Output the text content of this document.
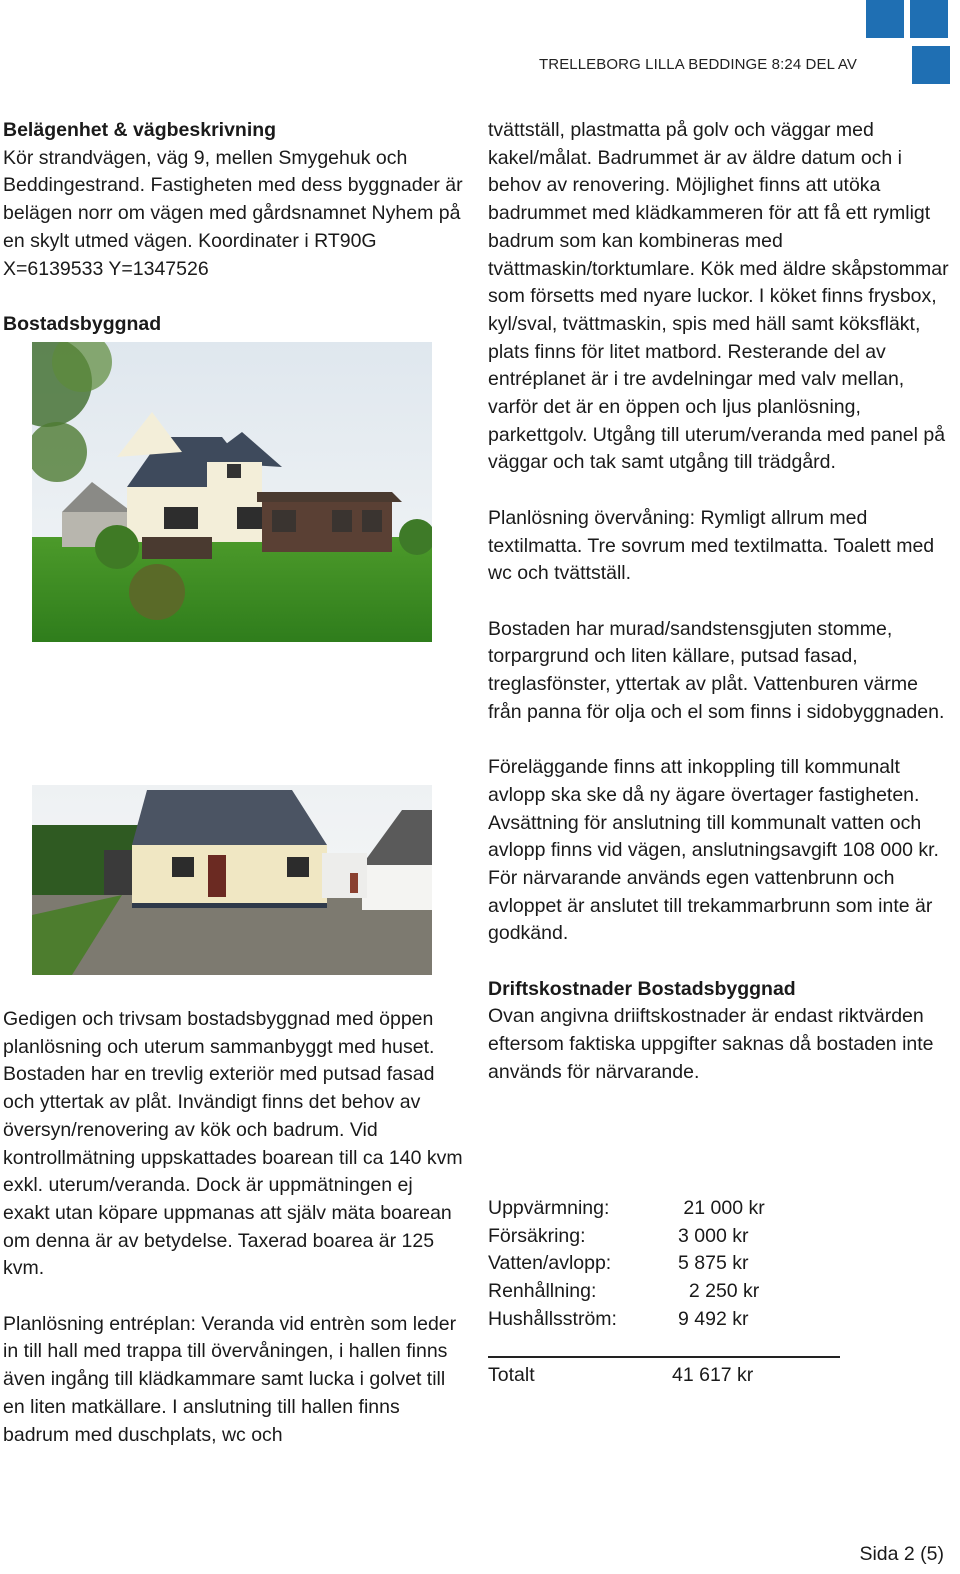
TRELLEBORG LILLA BEDDINGE 8:24 DEL AV
Belägenhet & vägbeskrivning

Kör strandvägen, väg 9, mellen Smygehuk och Beddingestrand. Fastigheten med dess byggnader är belägen norr om vägen med gårdsnamnet Nyhem på en skylt utmed vägen. Koordinater i RT90G X=6139533 Y=1347526

Bostadsbyggnad

Gedigen och trivsam bostadsbyggnad med öppen planlösning och uterum sammanbyggt med huset. Bostaden har en trevlig exteriör med putsad fasad och yttertak av plåt. Invändigt finns det behov av översyn/renovering av kök och badrum. Vid kontrollmätning uppskattades boarean till ca 140 kvm exkl. uterum/veranda. Dock är uppmätningen ej exakt utan köpare uppmanas att själv mäta boarean om denna är av betydelse. Taxerad boarea är 125 kvm.

Planlösning entréplan: Veranda vid entrèn som leder in till hall med trappa till övervåningen, i hallen finns även ingång till klädkammare samt lucka i golvet till en liten matkällare. I anslutning till hallen finns badrum med duschplats, wc och

tvättställ, plastmatta på golv och väggar med kakel/målat. Badrummet är av äldre datum och i behov av renovering. Möjlighet finns att utöka badrummet med klädkammeren för att få ett rymligt badrum som kan kombineras med tvättmaskin/torktumlare. Kök med äldre skåpstommar som försetts med nyare luckor. I köket finns frysbox, kyl/sval, tvättmaskin, spis med häll samt köksfläkt, plats finns för litet matbord. Resterande del av entréplanet är i tre avdelningar med valv mellan, varför det är en öppen och ljus planlösning, parkettgolv. Utgång till uterum/veranda med panel på väggar och tak samt utgång till trädgård.

Planlösning övervåning: Rymligt allrum med textilmatta. Tre sovrum med textilmatta. Toalett med wc och tvättställ.

Bostaden har murad/sandstensgjuten stomme, torpargrund och liten källare, putsad fasad, treglasfönster, yttertak av plåt. Vattenburen värme från panna för olja och el som finns i sidobyggnaden.

Föreläggande finns att inkoppling till kommunalt avlopp ska ske då ny ägare övertager fastigheten. Avsättning för anslutning till kommunalt vatten och avlopp finns vid vägen, anslutningsavgift 108 000 kr. För närvarande används egen vattenbrunn och avloppet är anslutet till trekammarbrunn som inte är godkänd.

Driftskostnader Bostadsbyggnad

Ovan angivna driiftskostnader är endast riktvärden eftersom faktiska uppgifter saknas då bostaden inte används för närvarande.

Uppvärmning:	21 000 kr
Försäkring:	3 000 kr
Vatten/avlopp:	5 875 kr
Renhållning:	2 250 kr
Hushållsström:	9 492 kr
Totalt	41 617 kr
Sida 2 (5)
